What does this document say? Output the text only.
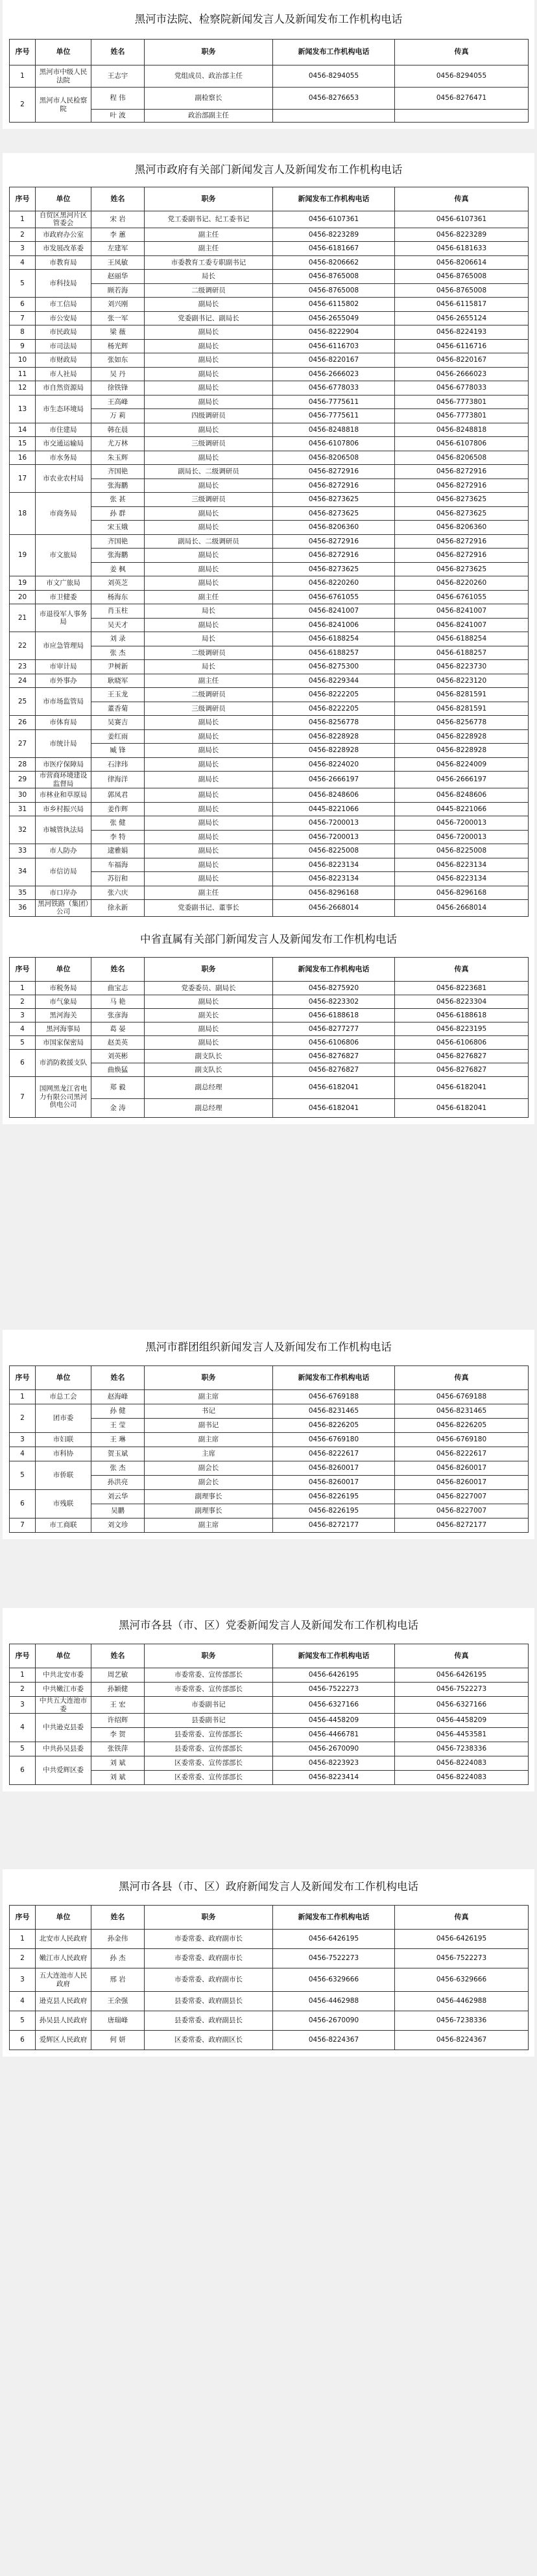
黑河市法院、检察院新闻发言人及新闻发布工作机构电话
序号	单位	姓名	职务	新闻发布工作机构电话	传真
1	黑河市中级人民法院	王志宇	党组成员、政治部主任	0456-8294055	0456-8294055
2	黑河市人民检察院	程 伟	副检察长	0456-8276653	0456-8276471
		叶 波	政治部副主任		
黑河市政府有关部门新闻发言人及新闻发布工作机构电话
序号	单位	姓名	职务	新闻发布工作机构电话	传真
1	自贸区黑河片区管委会	宋 岩	党工委副书记、纪工委书记	0456-6107361	0456-6107361
2	市政府办公室	李 蕙	副主任	0456-8223289	0456-8223289
3	市发展改革委	左建军	副主任	0456-6181667	0456-6181633
4	市教育局	王凤敏	市委教育工委专职副书记	0456-8206662	0456-8206614
5	市科技局	赵丽华	局长	0456-8765008	0456-8765008
		顾若海	二级调研员	0456-8765008	0456-8765008
6	市工信局	刘兴刚	副局长	0456-6115802	0456-6115817
7	市公安局	张一军	党委副书记、副局长	0456-2655049	0456-2655124
8	市民政局	梁 薇	副局长	0456-8222904	0456-8224193
9	市司法局	杨光辉	副局长	0456-6116703	0456-6116716
10	市财政局	张如东	副局长	0456-8220167	0456-8220167
11	市人社局	吴 丹	副局长	0456-2666023	0456-2666023
12	市自然资源局	徐铁锋	副局长	0456-6778033	0456-6778033
13	市生态环境局	王高峰	副局长	0456-7775611	0456-7773801
		万 莉	四级调研员	0456-7775611	0456-7773801
14	市住建局	韩在晨	副局长	0456-8248818	0456-8248818
15	市交通运输局	尤万林	三级调研员	0456-6107806	0456-6107806
16	市水务局	朱玉辉	副局长	0456-8206508	0456-8206508
17	市农业农村局	齐国艳	副局长、二级调研员	0456-8272916	0456-8272916
		张海鹏	副局长	0456-8272916	0456-8272916
18	市商务局	张 甚	三级调研员	0456-8273625	0456-8273625
		孙 群	副局长	0456-8273625	0456-8273625
		宋玉娥	副局长	0456-8206360	0456-8206360
19	市文旅局	齐国艳	副局长、二级调研员	0456-8272916	0456-8272916
		张海鹏	副局长	0456-8272916	0456-8272916
		姜 枫	副局长	0456-8273625	0456-8273625
19	市文广旅局	刘英芝	副局长	0456-8220260	0456-8220260
20	市卫健委	杨海东	副主任	0456-6761055	0456-6761055
21	市退役军人事务局	肖玉柱	局长	0456-8241007	0456-8241007
		吴天才	副局长	0456-8241006	0456-8241007
22	市应急管理局	刘 录	局长	0456-6188254	0456-6188254
		张 杰	二级调研员	0456-6188257	0456-6188257
23	市审计局	尹树新	局长	0456-8275300	0456-8223730
24	市外事办	耿晓军	副主任	0456-8229344	0456-8223120
25	市市场监管局	王玉龙	二级调研员	0456-8222205	0456-8281591
		董香菊	三级调研员	0456-8222205	0456-8281591
26	市体育局	吴赛吉	副局长	0456-8256778	0456-8256778
27	市统计局	姜红雨	副局长	0456-8228928	0456-8228928
		臧 锋	副局长	0456-8228928	0456-8228928
28	市医疗保障局	石津玮	副局长	0456-8224020	0456-8224009
29	市营商环境建设监督局	律海洋	副局长	0456-2666197	0456-2666197
30	市林业和草原局	郭凤君	副局长	0456-8248606	0456-8248606
31	市乡村振兴局	姜作辉	副局长	0445-8221066	0445-8221066
32	市城管执法局	张 健	副局长	0456-7200013	0456-7200013
		李 特	副局长	0456-7200013	0456-7200013
33	市人防办	逮雅娟	副局长	0456-8225008	0456-8225008
34	市信访局	车福海	副局长	0456-8223134	0456-8223134
		苏衍和	副局长	0456-8223134	0456-8223134
35	市口岸办	张六庆	副主任	0456-8296168	0456-8296168
36	黑河铁路（集团）公司	徐永新	党委副书记、董事长	0456-2668014	0456-2668014
中省直属有关部门新闻发言人及新闻发布工作机构电话
序号	单位	姓名	职务	新闻发布工作机构电话	传真
1	市税务局	曲宝志	党委委员、副局长	0456-8275920	0456-8223681
2	市气象局	马 艳	副局长	0456-8223302	0456-8223304
3	黑河海关	张彦海	副关长	0456-6188618	0456-6188618
4	黑河海事局	葛 晏	副局长	0456-8277277	0456-8223195
5	市国家保密局	赵美英	副局长	0456-6106806	0456-6106806
6	市消防救援支队	刘英彬	副支队长	0456-8276827	0456-8276827
		曲焕猛	副支队长	0456-8276827	0456-8276827
7	国网黑龙江省电力有限公司黑河供电公司	郑 毅	副总经理	0456-6182041	0456-6182041
		金 涛	副总经理	0456-6182041	0456-6182041
黑河市群团组织新闻发言人及新闻发布工作机构电话
序号	单位	姓名	职务	新闻发布工作机构电话	传真
1	市总工会	赵海峰	副主席	0456-6769188	0456-6769188
2	团市委	孙 健	书记	0456-8231465	0456-8231465
		王 莹	副书记	0456-8226205	0456-8226205
3	市妇联	王 琳	副主席	0456-6769180	0456-6769180
4	市科协	贺玉斌	主席	0456-8222617	0456-8222617
5	市侨联	张 杰	副会长	0456-8260017	0456-8260017
		孙洪亮	副会长	0456-8260017	0456-8260017
6	市残联	刘云华	副理事长	0456-8226195	0456-8227007
		吴鹏	副理事长	0456-8226195	0456-8227007
7	市工商联	刘文珍	副主席	0456-8272177	0456-8272177
黑河市各县（市、区）党委新闻发言人及新闻发布工作机构电话
序号	单位	姓名	职务	新闻发布工作机构电话	传真
1	中共北安市委	周艺敏	市委常委、宣传部部长	0456-6426195	0456-6426195
2	中共嫩江市委	孙颖健	市委常委、宣传部部长	0456-7522273	0456-7522273
3	中共五大连池市委	王 宏	市委副书记	0456-6327166	0456-6327166
4	中共逊克县委	许绍辉	县委副书记	0456-4458209	0456-4458209
		李 贺	县委常委、宣传部部长	0456-4466781	0456-4453581
5	中共孙吴县委	张铁萍	县委常委、宣传部部长	0456-2670090	0456-7238336
6	中共爱辉区委	刘 斌	区委常委、宣传部部长	0456-8223923	0456-8224083
		刘 斌	区委常委、宣传部部长	0456-8223414	0456-8224083
黑河市各县（市、区）政府新闻发言人及新闻发布工作机构电话
序号	单位	姓名	职务	新闻发布工作机构电话	传真
1	北安市人民政府	孙金伟	市委常委、政府副市长	0456-6426195	0456-6426195
2	嫩江市人民政府	孙 杰	市委常委、政府副市长	0456-7522273	0456-7522273
3	五大连池市人民政府	邢 岩	市委常委、政府副市长	0456-6329666	0456-6329666
4	逊克县人民政府	王余强	县委常委、政府副县长	0456-4462988	0456-4462988
5	孙吴县人民政府	唐瑞峰	县委常委、政府副县长	0456-2670090	0456-7238336
6	爱辉区人民政府	何 妍	区委常委、政府副区长	0456-8224367	0456-8224367
